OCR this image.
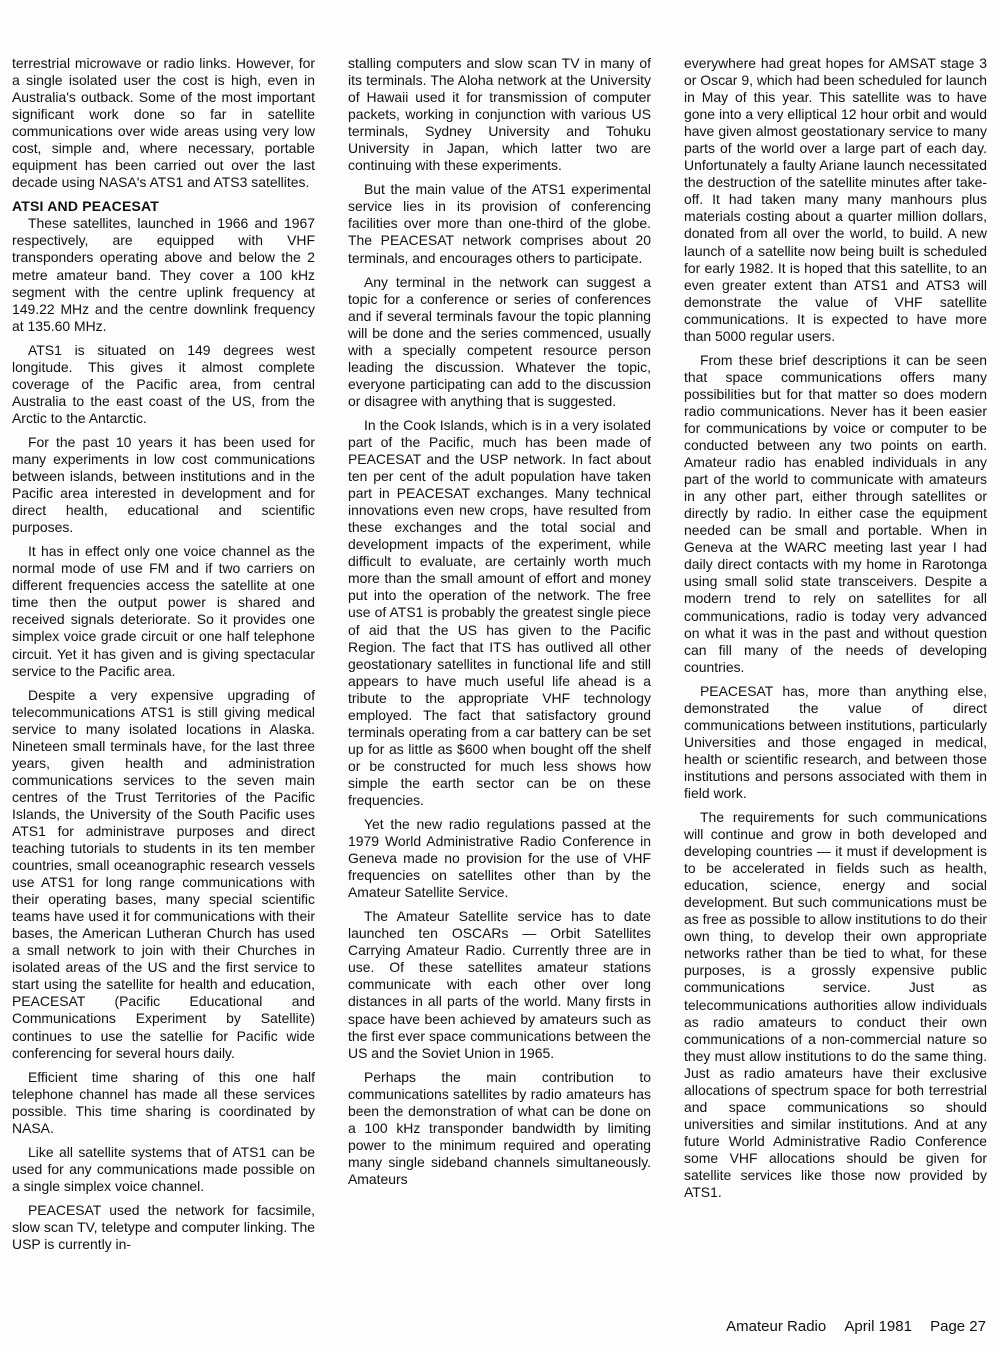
terrestrial microwave or radio links. However, for a single isolated user the cost is high, even in Australia's outback. Some of the most important significant work done so far in satellite communications over wide areas using very low cost, simple and, where necessary, portable equipment has been carried out over the last decade using NASA's ATS1 and ATS3 satellites.

ATSI AND PEACESAT

These satellites, launched in 1966 and 1967 respectively, are equipped with VHF transponders operating above and below the 2 metre amateur band. They cover a 100 kHz segment with the centre uplink frequency at 149.22 MHz and the centre downlink frequency at 135.60 MHz.

ATS1 is situated on 149 degrees west longitude. This gives it almost complete coverage of the Pacific area, from central Australia to the east coast of the US, from the Arctic to the Antarctic.

For the past 10 years it has been used for many experiments in low cost communications between islands, between institutions and in the Pacific area interested in development and for direct health, educational and scientific purposes.

It has in effect only one voice channel as the normal mode of use FM and if two carriers on different frequencies access the satellite at one time then the output power is shared and received signals deteriorate. So it provides one simplex voice grade circuit or one half telephone circuit. Yet it has given and is giving spectacular service to the Pacific area.

Despite a very expensive upgrading of telecommunications ATS1 is still giving medical service to many isolated locations in Alaska. Nineteen small terminals have, for the last three years, given health and administration communications services to the seven main centres of the Trust Territories of the Pacific Islands, the University of the South Pacific uses ATS1 for administrave purposes and direct teaching tutorials to students in its ten member countries, small oceanographic research vessels use ATS1 for long range communications with their operating bases, many special scientific teams have used it for communications with their bases, the American Lutheran Church has used a small network to join with their Churches in isolated areas of the US and the first service to start using the satellite for health and education, PEACESAT (Pacific Educational and Communications Experiment by Satellite) continues to use the satellie for Pacific wide conferencing for several hours daily.

Efficient time sharing of this one half telephone channel has made all these services possible. This time sharing is coordinated by NASA.

Like all satellite systems that of ATS1 can be used for any communications made possible on a single simplex voice channel.

PEACESAT used the network for facsimile, slow scan TV, teletype and computer linking. The USP is currently in-

stalling computers and slow scan TV in many of its terminals. The Aloha network at the University of Hawaii used it for transmission of computer packets, working in conjunction with various US terminals, Sydney University and Tohuku University in Japan, which latter two are continuing with these experiments.

But the main value of the ATS1 experimental service lies in its provision of conferencing facilities over more than one-third of the globe. The PEACESAT network comprises about 20 terminals, and encourages others to participate.

Any terminal in the network can suggest a topic for a conference or series of conferences and if several terminals favour the topic planning will be done and the series commenced, usually with a specially competent resource person leading the discussion. Whatever the topic, everyone participating can add to the discussion or disagree with anything that is suggested.

In the Cook Islands, which is in a very isolated part of the Pacific, much has been made of PEACESAT and the USP network. In fact about ten per cent of the adult population have taken part in PEACESAT exchanges. Many technical innovations even new crops, have resulted from these exchanges and the total social and development impacts of the experiment, while difficult to evaluate, are certainly worth much more than the small amount of effort and money put into the operation of the network. The free use of ATS1 is probably the greatest single piece of aid that the US has given to the Pacific Region. The fact that ITS has outlived all other geostationary satellites in functional life and still appears to have much useful life ahead is a tribute to the appropriate VHF technology employed. The fact that satisfactory ground terminals operating from a car battery can be set up for as little as $600 when bought off the shelf or be constructed for much less shows how simple the earth sector can be on these frequencies.

Yet the new radio regulations passed at the 1979 World Administrative Radio Conference in Geneva made no provision for the use of VHF frequencies on satellites other than by the Amateur Satellite Service.

The Amateur Satellite service has to date launched ten OSCARs — Orbit Satellites Carrying Amateur Radio. Currently three are in use. Of these satellites amateur stations communicate with each other over long distances in all parts of the world. Many firsts in space have been achieved by amateurs such as the first ever space communications between the US and the Soviet Union in 1965.

Perhaps the main contribution to communications satellites by radio amateurs has been the demonstration of what can be done on a 100 kHz transponder bandwidth by limiting power to the minimum required and operating many single sideband channels simultaneously. Amateurs

everywhere had great hopes for AMSAT stage 3 or Oscar 9, which had been scheduled for launch in May of this year. This satellite was to have gone into a very elliptical 12 hour orbit and would have given almost geostationary service to many parts of the world over a large part of each day. Unfortunately a faulty Ariane launch necessitated the destruction of the satellite minutes after take-off. It had taken many many manhours plus materials costing about a quarter million dollars, donated from all over the world, to build. A new launch of a satellite now being built is scheduled for early 1982. It is hoped that this satellite, to an even greater extent than ATS1 and ATS3 will demonstrate the value of VHF satellite communications. It is expected to have more than 5000 regular users.

From these brief descriptions it can be seen that space communications offers many possibilities but for that matter so does modern radio communications. Never has it been easier for communications by voice or computer to be conducted between any two points on earth. Amateur radio has enabled individuals in any part of the world to communicate with amateurs in any other part, either through satellites or directly by radio. In either case the equipment needed can be small and portable. When in Geneva at the WARC meeting last year I had daily direct contacts with my home in Rarotonga using small solid state transceivers. Despite a modern trend to rely on satellites for all communications, radio is today very advanced on what it was in the past and without question can fill many of the needs of developing countries.

PEACESAT has, more than anything else, demonstrated the value of direct communications between institutions, particularly Universities and those engaged in medical, health or scientific research, and between those institutions and persons associated with them in field work.

The requirements for such communications will continue and grow in both developed and developing countries — it must if development is to be accelerated in fields such as health, education, science, energy and social development. But such communications must be as free as possible to allow institutions to do their own thing, to develop their own appropriate networks rather than be tied to what, for these purposes, is a grossly expensive public communications service. Just as telecommunications authorities allow individuals as radio amateurs to conduct their own communications of a non-commercial nature so they must allow institutions to do the same thing. Just as radio amateurs have their exclusive allocations of spectrum space for both terrestrial and space communications so should universities and similar institutions. And at any future World Administrative Radio Conference some VHF allocations should be given for satellite services like those now provided by ATS1.

Amateur Radio April 1981 Page 27
